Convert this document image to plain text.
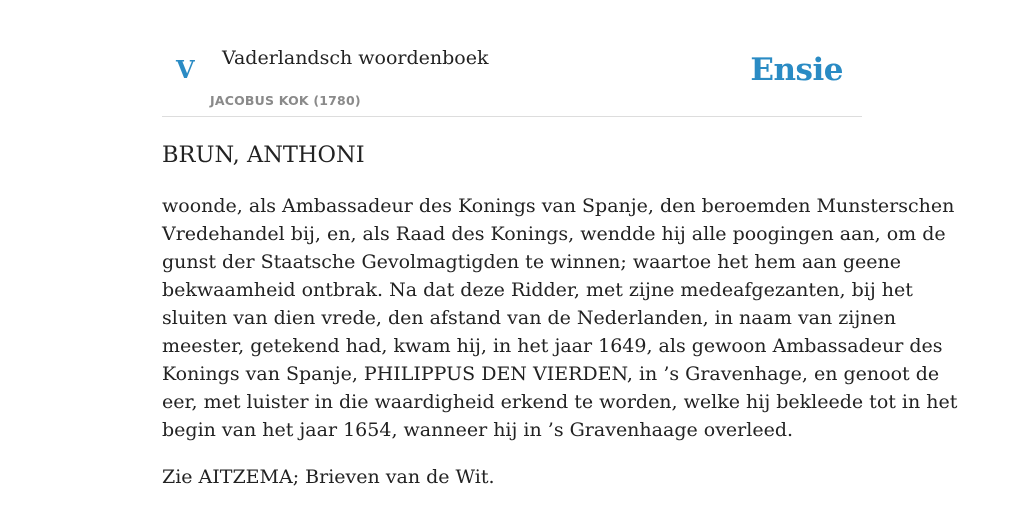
V Vaderlandsch woordenboek
JACOBUS KOK (1780)
Ensie
BRUN, ANTHONI
woonde, als Ambassadeur des Konings van Spanje, den beroemden Munsterschen
Vredehandel bij, en, als Raad des Konings, wendde hij alle poogingen aan, om de
gunst der Staatsche Gevolmagtigden te winnen; waartoe het hem aan geene
bekwaamheid ontbrak. Na dat deze Ridder, met zijne medeafgezanten, bij het
sluiten van dien vrede, den afstand van de Nederlanden, in naam van zijnen
meester, getekend had, kwam hij, in het jaar 1649, als gewoon Ambassadeur des
Konings van Spanje, PHILIPPUS DEN VIERDEN, in ’s Gravenhage, en genoot de
eer, met luister in die waardigheid erkend te worden, welke hij bekleede tot in het
begin van het jaar 1654, wanneer hij in ’s Gravenhaage overleed.
Zie AITZEMA; Brieven van de Wit.
